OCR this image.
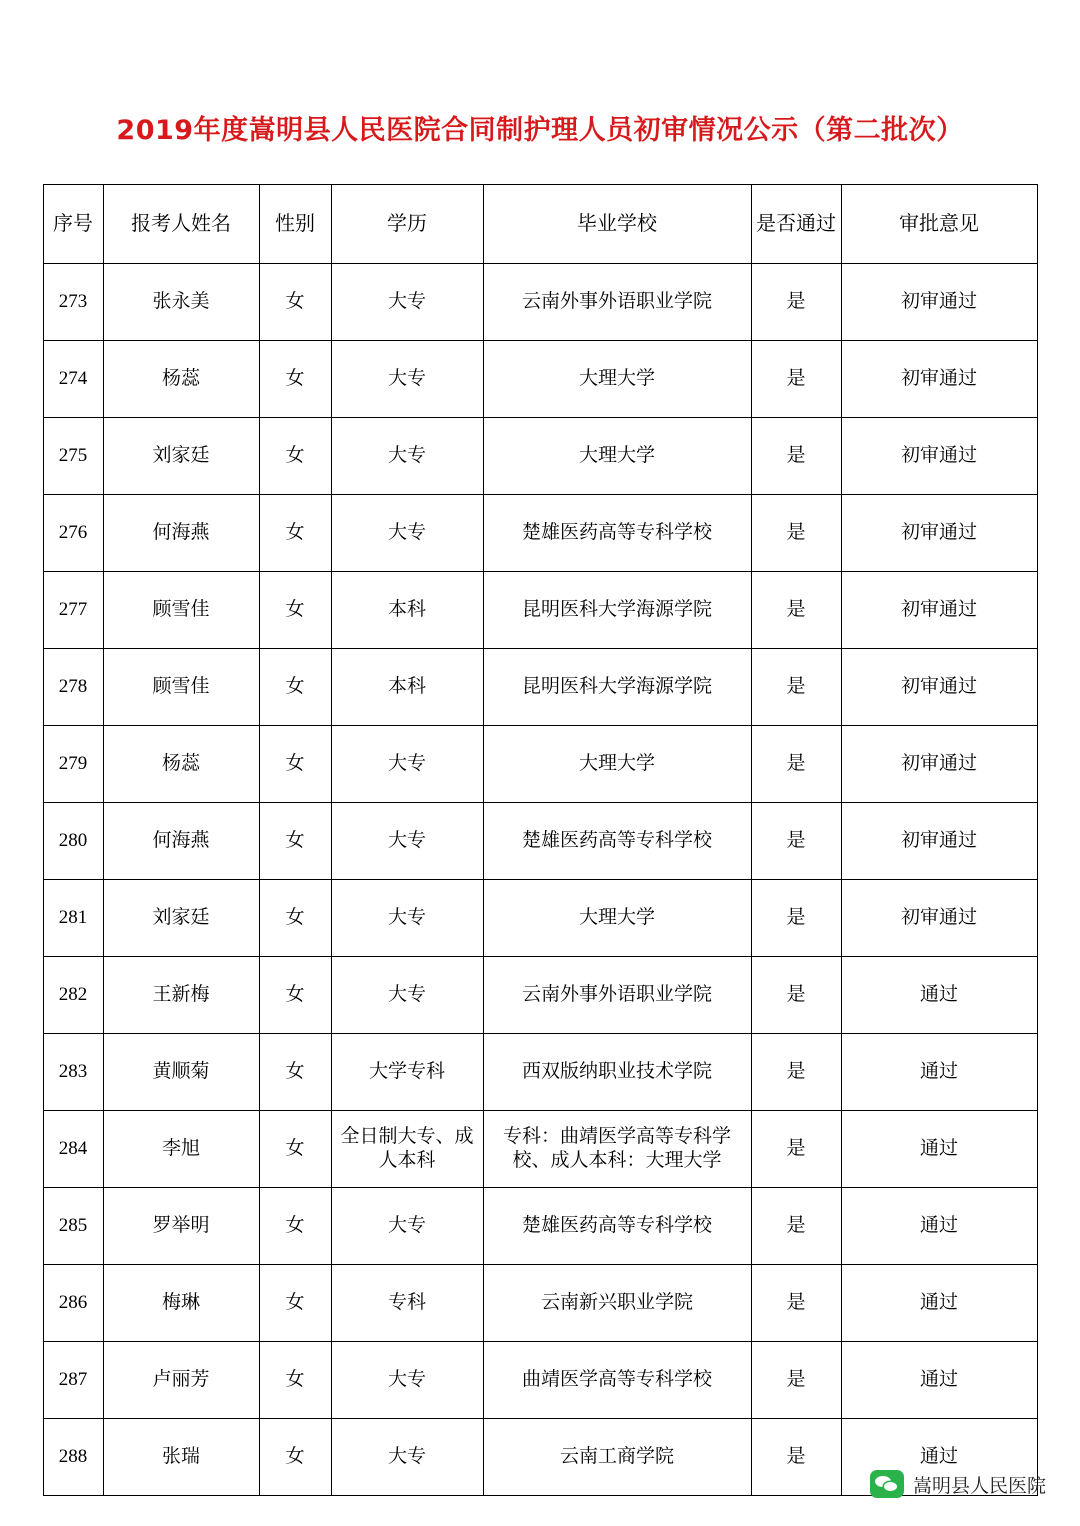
2019年度嵩明县人民医院合同制护理人员初审情况公示（第二批次）
序号	报考人姓名	性别	学历	毕业学校	是否通过	审批意见
273	张永美	女	大专	云南外事外语职业学院	是	初审通过
274	杨蕊	女	大专	大理大学	是	初审通过
275	刘家廷	女	大专	大理大学	是	初审通过
276	何海燕	女	大专	楚雄医药高等专科学校	是	初审通过
277	顾雪佳	女	本科	昆明医科大学海源学院	是	初审通过
278	顾雪佳	女	本科	昆明医科大学海源学院	是	初审通过
279	杨蕊	女	大专	大理大学	是	初审通过
280	何海燕	女	大专	楚雄医药高等专科学校	是	初审通过
281	刘家廷	女	大专	大理大学	是	初审通过
282	王新梅	女	大专	云南外事外语职业学院	是	通过
283	黄顺菊	女	大学专科	西双版纳职业技术学院	是	通过
284	李旭	女	全日制大专、成人本科	专科：曲靖医学高等专科学校、成人本科：大理大学	是	通过
285	罗举明	女	大专	楚雄医药高等专科学校	是	通过
286	梅琳	女	专科	云南新兴职业学院	是	通过
287	卢丽芳	女	大专	曲靖医学高等专科学校	是	通过
288	张瑞	女	大专	云南工商学院	是	通过
嵩明县人民医院
